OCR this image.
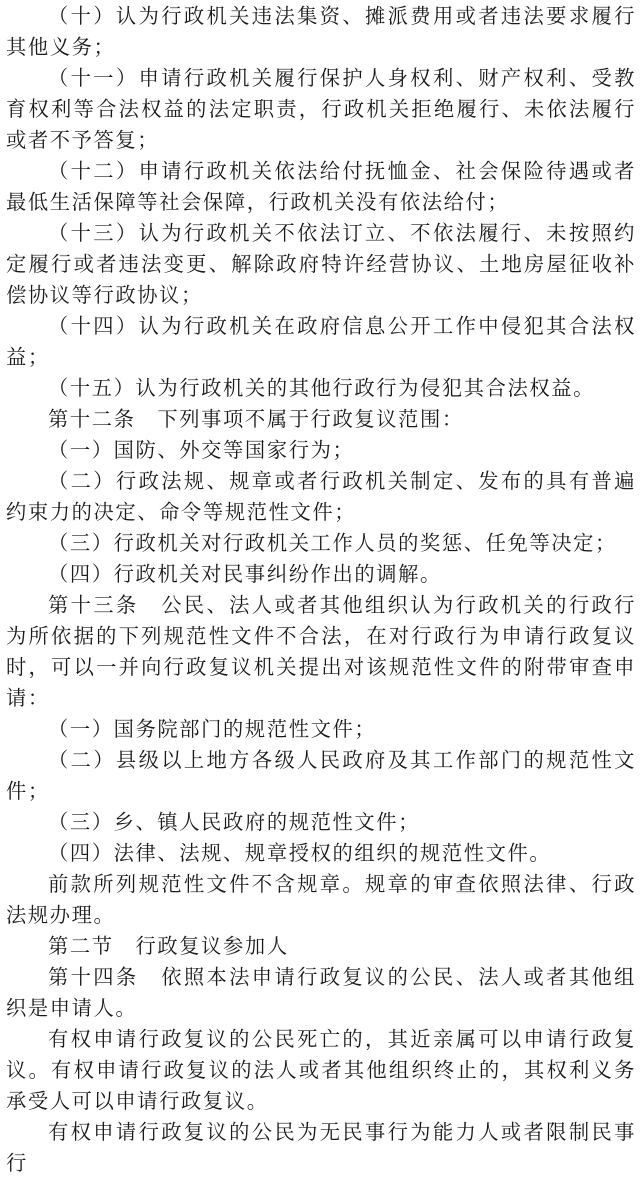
（十）认为行政机关违法集资、摊派费用或者违法要求履行其他义务；

（十一）申请行政机关履行保护人身权利、财产权利、受教育权利等合法权益的法定职责，行政机关拒绝履行、未依法履行或者不予答复；

（十二）申请行政机关依法给付抚恤金、社会保险待遇或者最低生活保障等社会保障，行政机关没有依法给付；

（十三）认为行政机关不依法订立、不依法履行、未按照约定履行或者违法变更、解除政府特许经营协议、土地房屋征收补偿协议等行政协议；

（十四）认为行政机关在政府信息公开工作中侵犯其合法权益；

（十五）认为行政机关的其他行政行为侵犯其合法权益。

第十二条　下列事项不属于行政复议范围：

（一）国防、外交等国家行为；

（二）行政法规、规章或者行政机关制定、发布的具有普遍约束力的决定、命令等规范性文件；

（三）行政机关对行政机关工作人员的奖惩、任免等决定；

（四）行政机关对民事纠纷作出的调解。

第十三条　公民、法人或者其他组织认为行政机关的行政行为所依据的下列规范性文件不合法，在对行政行为申请行政复议时，可以一并向行政复议机关提出对该规范性文件的附带审查申请：

（一）国务院部门的规范性文件；

（二）县级以上地方各级人民政府及其工作部门的规范性文件；

（三）乡、镇人民政府的规范性文件；

（四）法律、法规、规章授权的组织的规范性文件。

前款所列规范性文件不含规章。规章的审查依照法律、行政法规办理。

第二节　行政复议参加人

第十四条　依照本法申请行政复议的公民、法人或者其他组织是申请人。

有权申请行政复议的公民死亡的，其近亲属可以申请行政复议。有权申请行政复议的法人或者其他组织终止的，其权利义务承受人可以申请行政复议。

有权申请行政复议的公民为无民事行为能力人或者限制民事行
